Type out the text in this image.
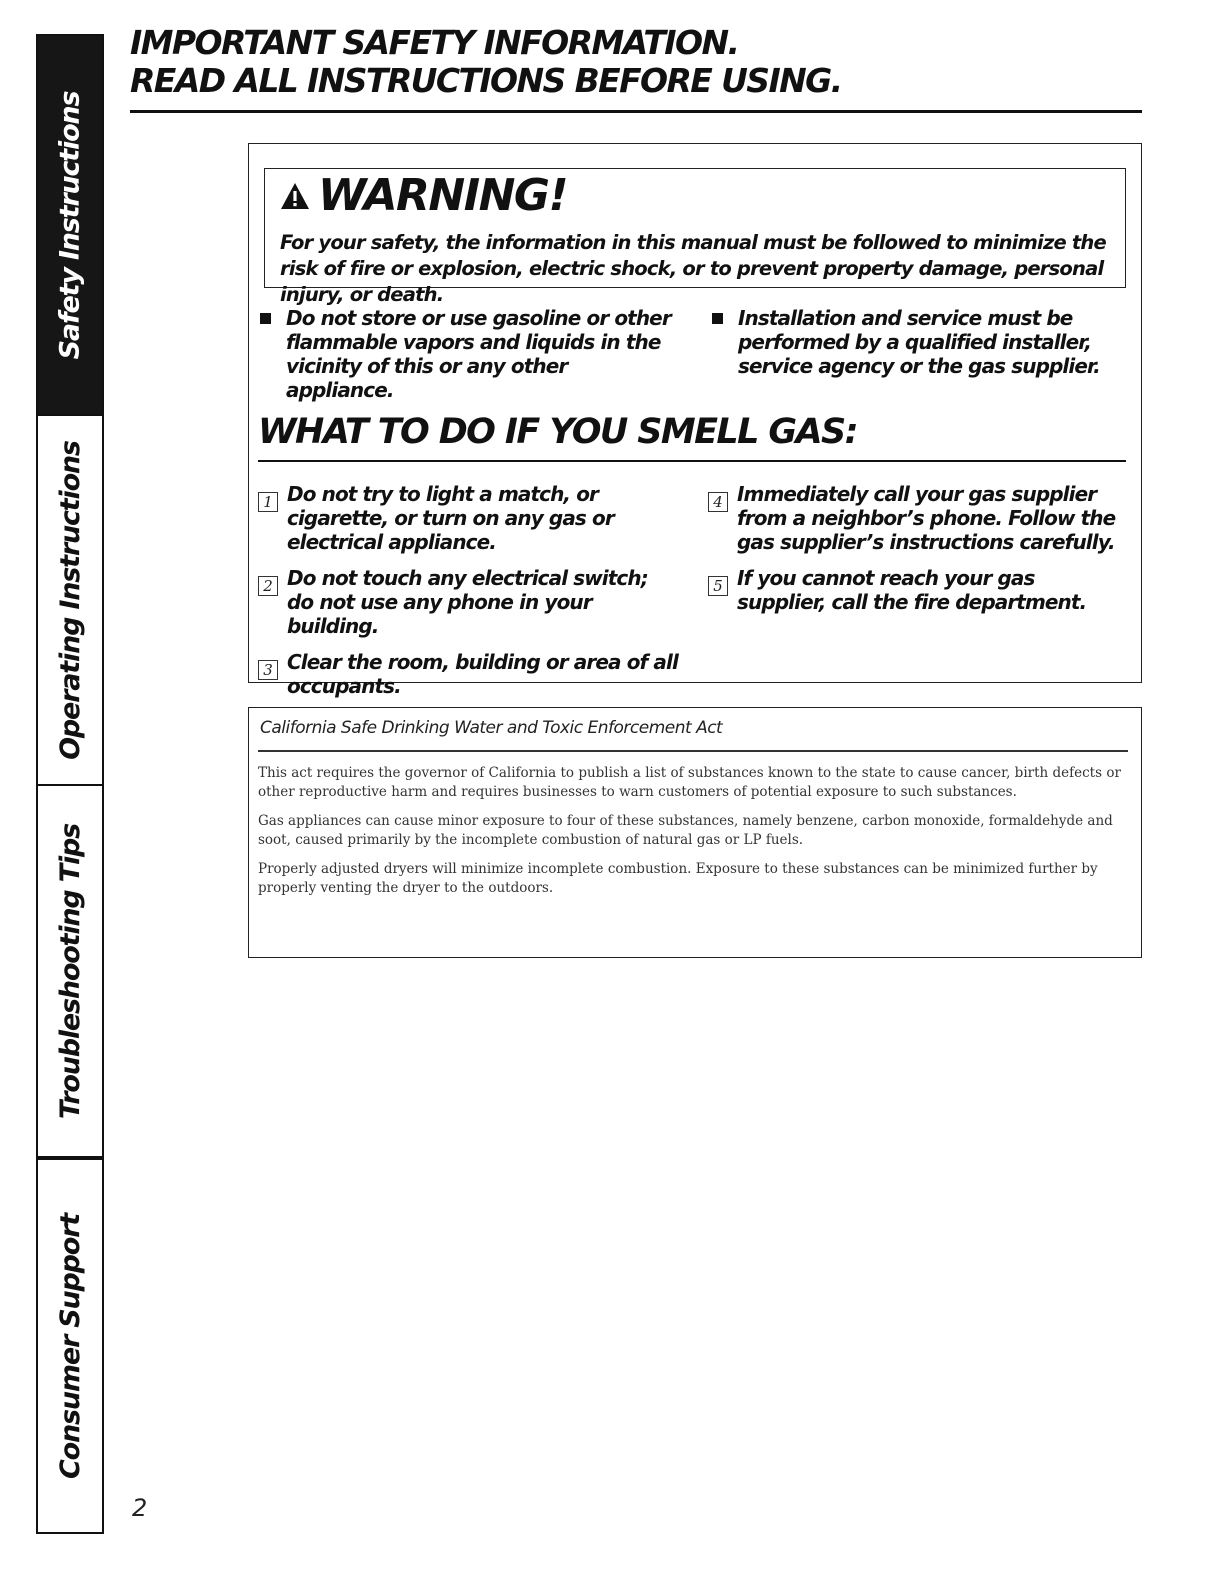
Safety Instructions
Operating Instructions
Troubleshooting Tips
Consumer Support
IMPORTANT SAFETY INFORMATION.
READ ALL INSTRUCTIONS BEFORE USING.
WARNING!
For your safety, the information in this manual must be followed to minimize the risk of fire or explosion, electric shock, or to prevent property damage, personal injury, or death.
Do not store or use gasoline or other flammable vapors and liquids in the vicinity of this or any other appliance.
Installation and service must be performed by a qualified installer, service agency or the gas supplier.
WHAT TO DO IF YOU SMELL GAS:
1 Do not try to light a match, or cigarette, or turn on any gas or electrical appliance.
2 Do not touch any electrical switch; do not use any phone in your building.
3 Clear the room, building or area of all occupants.
4 Immediately call your gas supplier from a neighbor’s phone. Follow the gas supplier’s instructions carefully.
5 If you cannot reach your gas supplier, call the fire department.
California Safe Drinking Water and Toxic Enforcement Act

This act requires the governor of California to publish a list of substances known to the state to cause cancer, birth defects or other reproductive harm and requires businesses to warn customers of potential exposure to such substances.

Gas appliances can cause minor exposure to four of these substances, namely benzene, carbon monoxide, formaldehyde and soot, caused primarily by the incomplete combustion of natural gas or LP fuels.

Properly adjusted dryers will minimize incomplete combustion. Exposure to these substances can be minimized further by properly venting the dryer to the outdoors.

2
